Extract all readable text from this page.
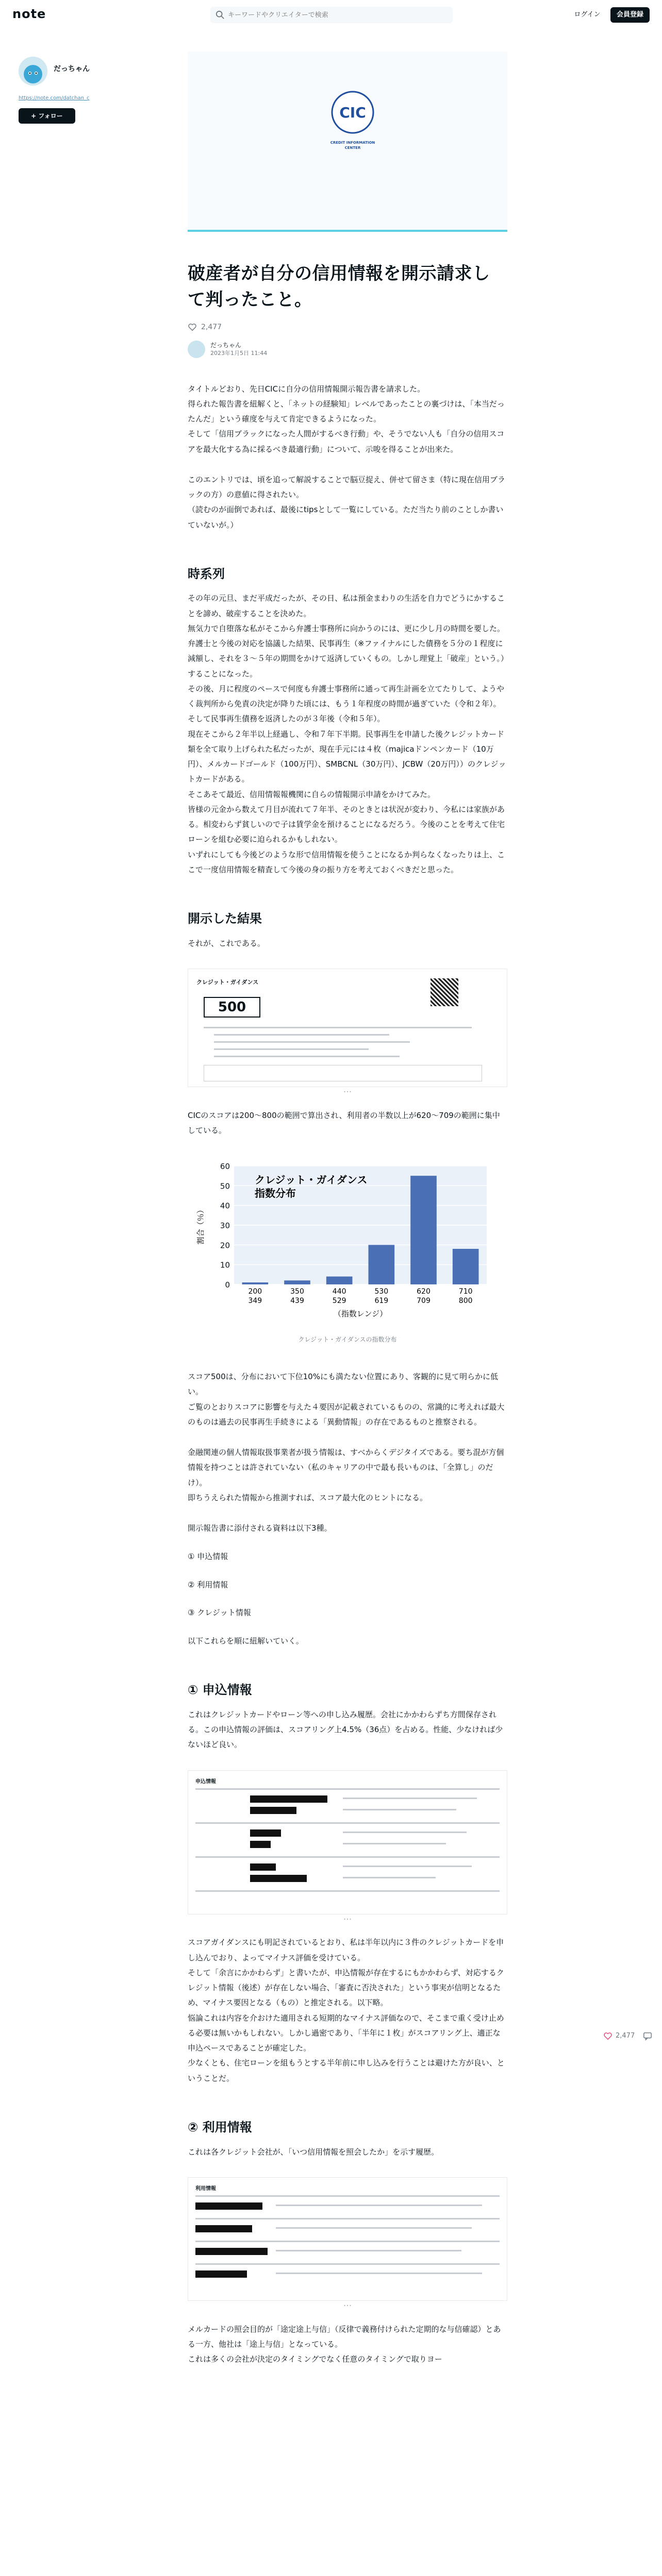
note
キーワードやクリエイターで検索	ログイン	会員登録
だっちゃん
https://note.com/datchan_c
+ フォロー	CIC
CREDIT INFORMATION CENTER
破産者が自分の信用情報を開示請求して判ったこと。
2,477
だっちゃん
2023年1月5日 11:44

タイトルどおり、先日CICに自分の信用情報開示報告書を請求した。
得られた報告書を紐解くと、「ネットの経験知」レベルであったことの裏づけは、「本当だったんだ」という確度を与えて肯定できるようになった。
そして「信用ブラックになった人間がするべき行動」や、そうでない人も「自分の信用スコアを最大化する為に採るべき最適行動」について、示唆を得ることが出来た。

このエントリでは、頃を追って解説することで脳豆捉え、併せて留さま（特に現在信用ブラックの方）の意値に得されたい。
（読むのが面倒であれば、最後にtipsとして一覧にしている。ただ当たり前のことしか書いていないが。）

時系列

その年の元旦、まだ平成だったが、その日、私は預金まわりの生活を自力でどうにかすることを諦め、破産することを決めた。
無気力で自堕落な私がそこから弁護士事務所に向かうのには、更に少し月の時間を要した。
弁護士と今後の対応を協議した結果、民事再生（※ファイナルにした債務を５分の１程度に減額し、それを３〜５年の期間をかけて返済していくもの。しかし理覚上「破産」という。）することになった。
その後、月に程度のペースで何度も弁護士事務所に通って再生計画を立てたりして、ようやく裁判所から免責の決定が降りた頃には、もう１年程度の時間が過ぎていた（令和２年）。
そして民事再生債務を返済したのが３年後（令和５年）。
現在そこから２年半以上経過し、令和７年下半期。民事再生を申請した後クレジットカード類を全て取り上げられた私だったが、現在手元には４枚（majicaドンペンカード（10万円）、メルカードゴールド（100万円）、SMBCNL（30万円）、JCBW（20万円））のクレジットカードがある。
そこあそて最近、信用情報報機関に自らの情報開示申請をかけてみた。
皆様の元金から数えて月目が流れて７年半、そのときとは状況が変わり、今私には家族がある。相変わらず貧しいので子は賃学金を預けることになるだろう。今後のことを考えて住宅ローンを組む必要に迫られるかもしれない。
いずれにしても今後どのような形で信用情報を使うことになるか判らなくなったりは上、ここで一度信用情報を精査して今後の身の振り方を考えておくべきだと思った。

開示した結果

それが、これである。

クレジット・ガイダンス
500
･･･

CICのスコアは200〜800の範囲で算出され、利用者の半数以上が620〜709の範囲に集中している。

0
10
20
30
40
50
60
割合（％）
200
349
350
439
440
529
530
619
620
709
710
800
（指数レンジ）
クレジット・ガイダンス
指数分布
クレジット・ガイダンスの指数分布

スコア500は、分布において下位10%にも満たない位置にあり、客観的に見て明らかに低い。
ご覧のとおりスコアに影響を与えた４要因が記載されているものの、常識的に考えれば最大のものは過去の民事再生手続きによる「異動情報」の存在であるものと推察される。

金融関連の個人情報取扱事業者が扱う情報は、すべからくデジタイズである。要ち混が方個情報を持つことは許されていない（私のキャリアの中で最も長いものは、「全算し」のだけ）。
即ちうえられた情報から推測すれば、スコア最大化のヒントになる。

開示報告書に添付される資料は以下3種。

① 申込情報
② 利用情報
③ クレジット情報

以下これらを順に紐解いていく。

① 申込情報

これはクレジットカードやローン等への申し込み履歴。会社にかかわらずち方間保存される。この申込情報の評価は、スコアリング上4.5%（36点）を占める。性能、少なければ少ないほど良い。

申込情報
･･･

スコアガイダンスにも明記されているとおり、私は半年以内に３件のクレジットカードを申し込んでおり、よってマイナス評価を受けている。
そして「余言にかかわらず」と書いたが、申込情報が存在するにもかかわらず、対応するクレジット情報（後述）が存在しない場合、「審査に否決された」という事実が信明となるため、マイナス要因となる（もの）と推定される。以下略。
悩論これは内容を介おけた適用される短期的なマイナス評価なので、そこまで重く受け止める必要は無いかもしれない。しかし過密であり、「半年に１枚」がスコアリング上、適正な申込ペースであることが確定した。
少なくとも、住宅ローンを組もうとする半年前に申し込みを行うことは避けた方が良い、ということだ。

② 利用情報

これは各クレジット会社が、「いつ信用情報を照会したか」を示す履歴。

利用情報
･･･

メルカードの照会目的が「途定途上与信」（反律で義務付けられた定期的な与信確認）とある一方、他社は「途上与信」となっている。
これは多くの会社が決定のタイミングでなく任意のタイミングで取りヨー

2,477
